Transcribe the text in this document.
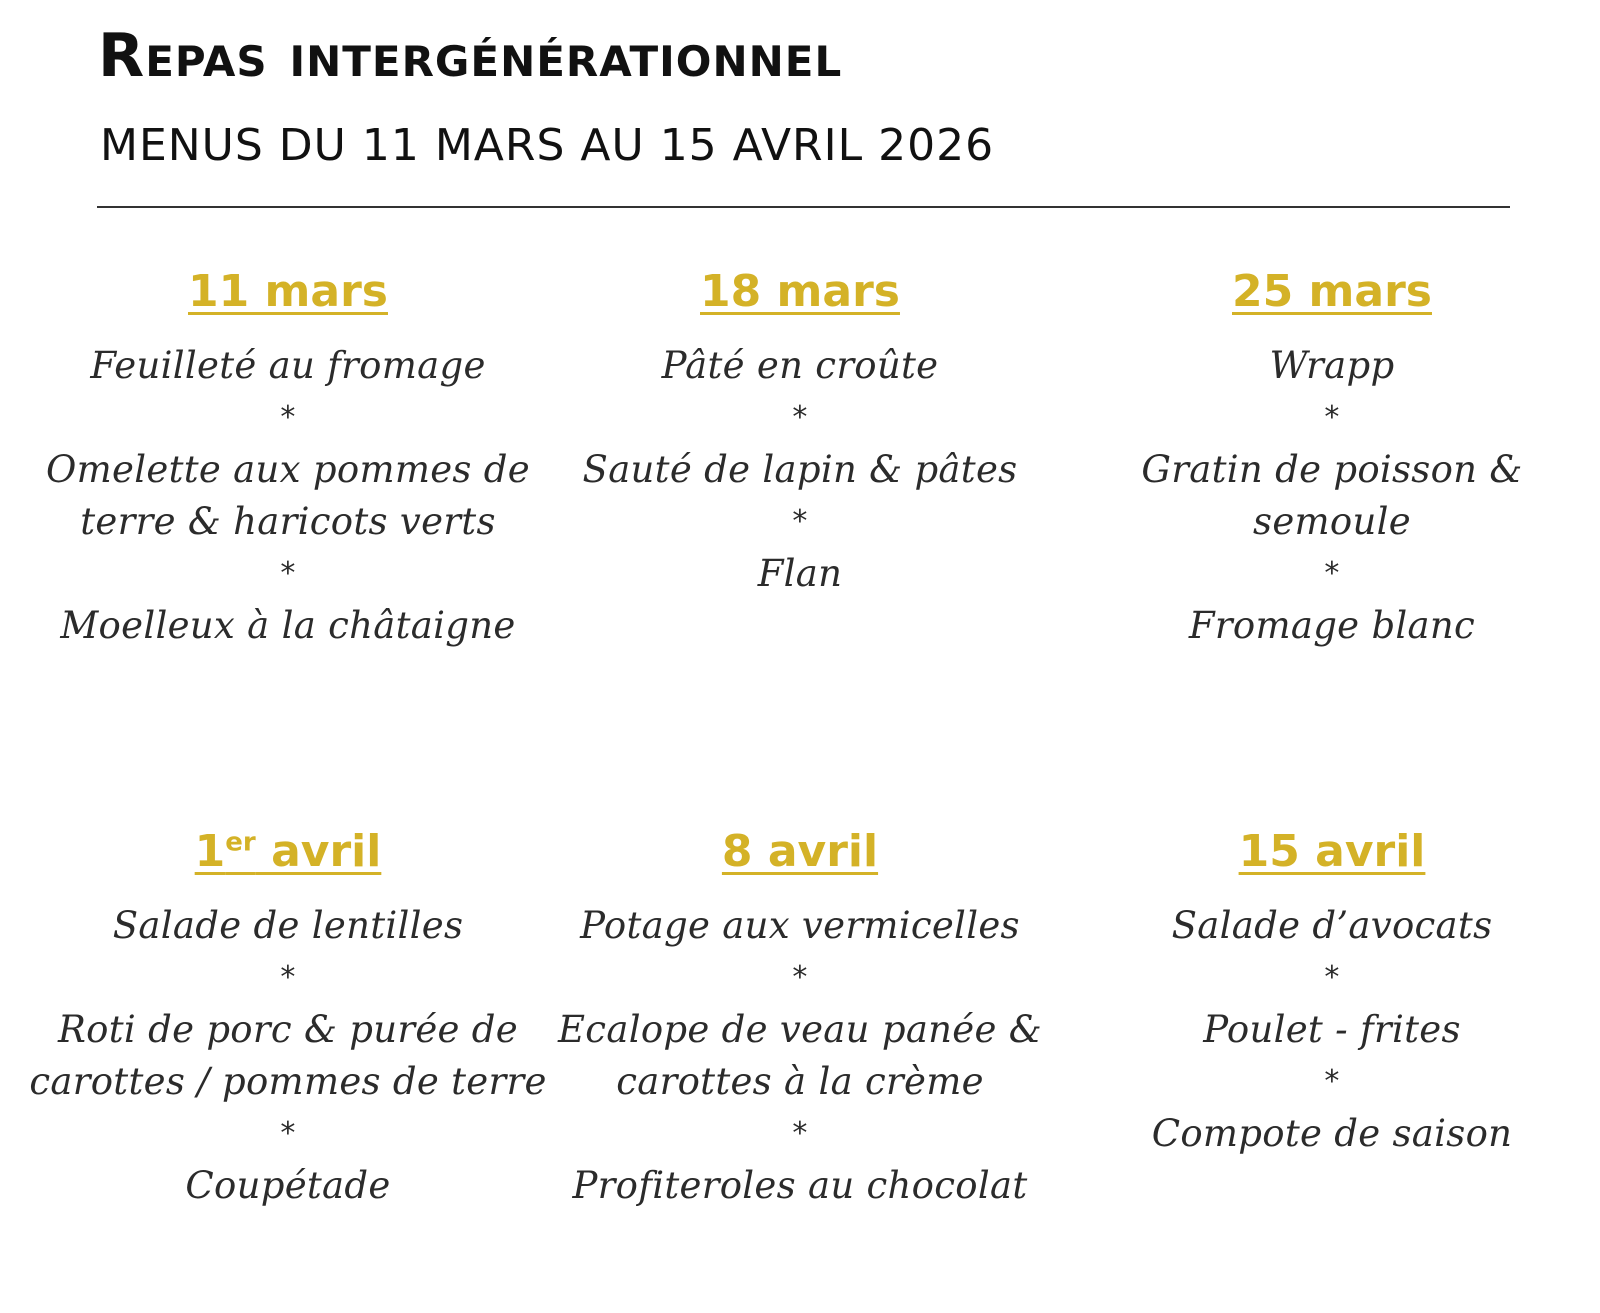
Repas intergénérationnel

MENUS DU 11 MARS AU 15 AVRIL 2026

11 mars
Feuilleté au fromage
*
Omelette aux pommes de terre & haricots verts
*
Moelleux à la châtaigne
18 mars
Pâté en croûte
*
Sauté de lapin & pâtes
*
Flan
25 mars
Wrapp
*
Gratin de poisson & semoule
*
Fromage blanc
1er avril
Salade de lentilles
*
Roti de porc & purée de carottes / pommes de terre
*
Coupétade
8 avril
Potage aux vermicelles
*
Ecalope de veau panée & carottes à la crème
*
Profiteroles au chocolat
15 avril
Salade d’avocats
*
Poulet - frites
*
Compote de saison
